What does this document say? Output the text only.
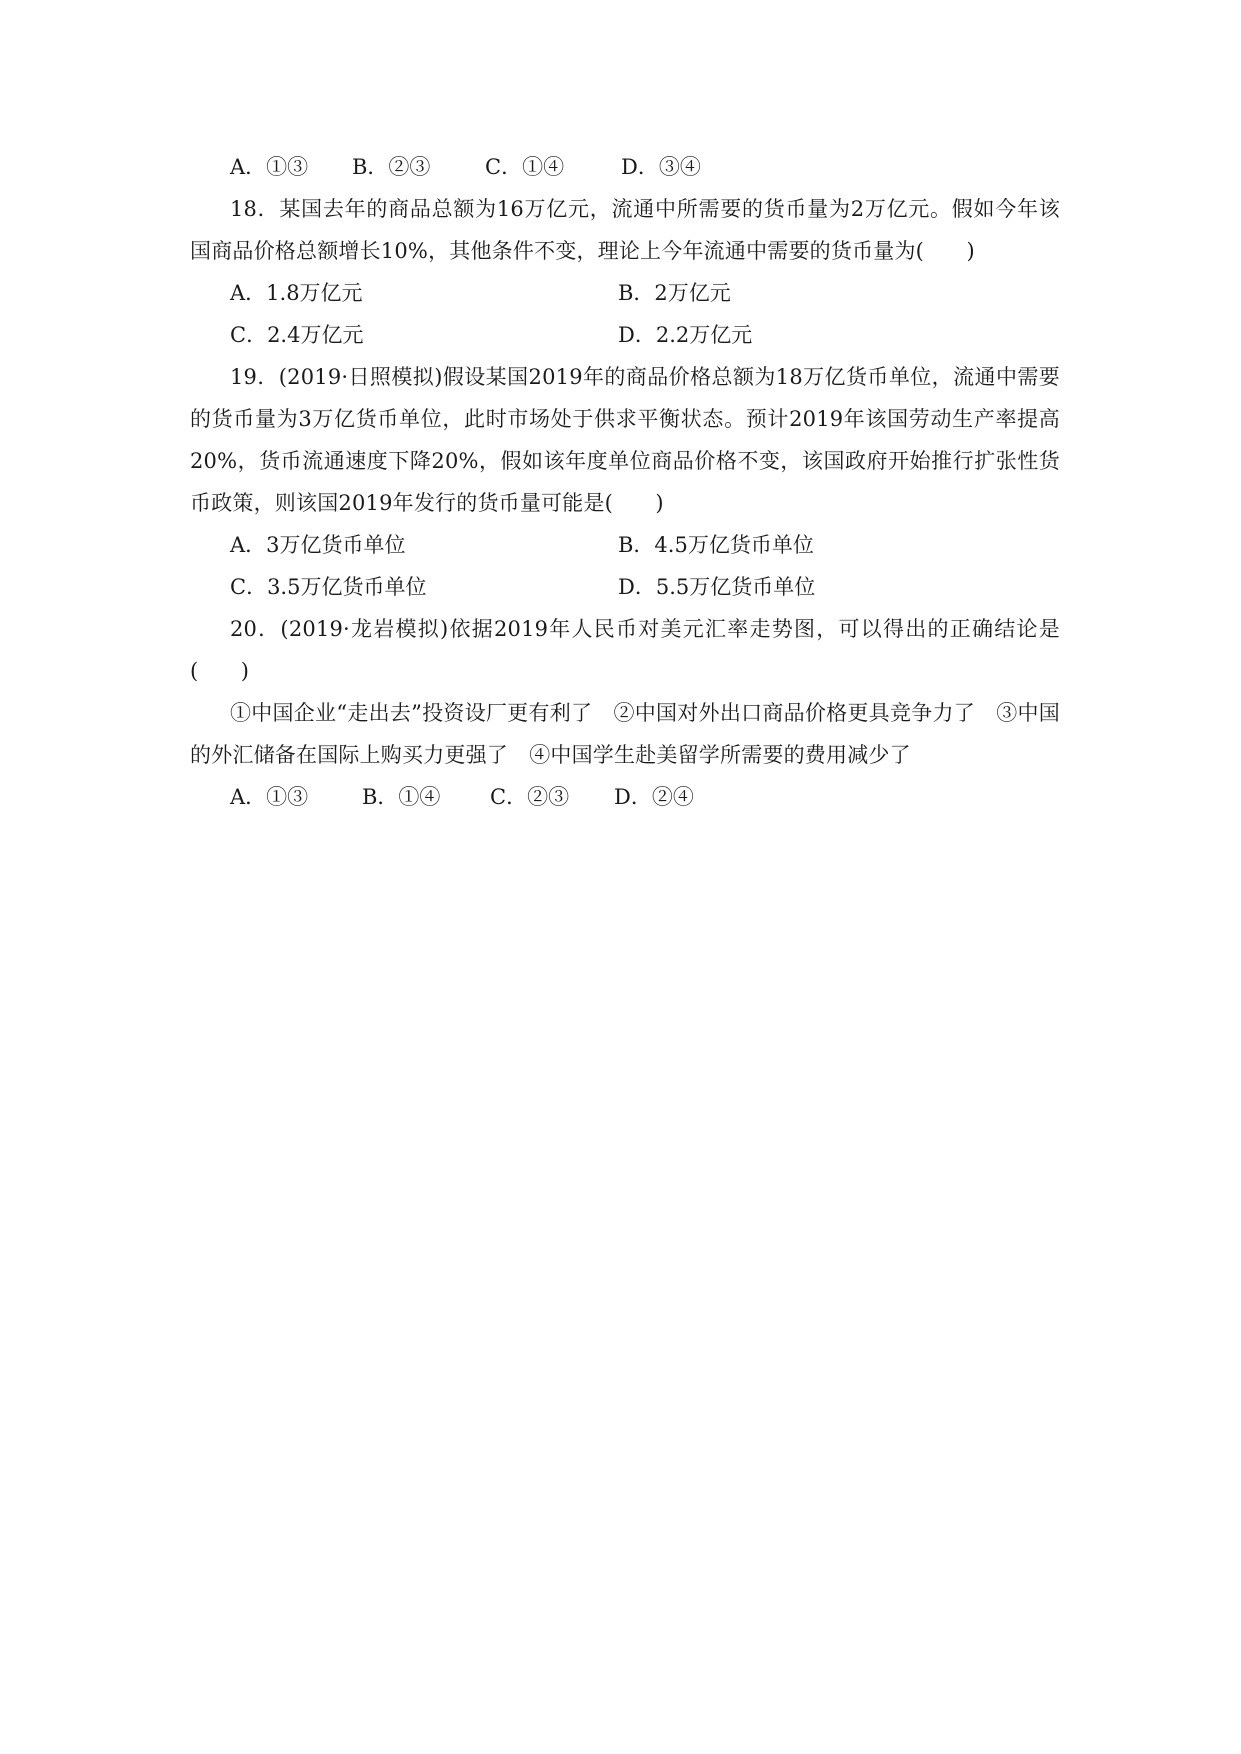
A．①③	B．②③	C．①④	D．③④
18．某国去年的商品总额为16万亿元，流通中所需要的货币量为2万亿元。假如今年该国商品价格总额增长10%，其他条件不变，理论上今年流通中需要的货币量为(　　)
A．1.8万亿元	B．2万亿元
C．2.4万亿元	D．2.2万亿元
19．(2019·日照模拟)假设某国2019年的商品价格总额为18万亿货币单位，流通中需要的货币量为3万亿货币单位，此时市场处于供求平衡状态。预计2019年该国劳动生产率提高20%，货币流通速度下降20%，假如该年度单位商品价格不变，该国政府开始推行扩张性货币政策，则该国2019年发行的货币量可能是(　　)
A．3万亿货币单位	B．4.5万亿货币单位
C．3.5万亿货币单位	D．5.5万亿货币单位
20．(2019·龙岩模拟)依据2019年人民币对美元汇率走势图，可以得出的正确结论是(　　)
①中国企业“走出去”投资设厂更有利了　②中国对外出口商品价格更具竞争力了　③中国的外汇储备在国际上购买力更强了　④中国学生赴美留学所需要的费用减少了
A．①③	B．①④	C．②③	D．②④
